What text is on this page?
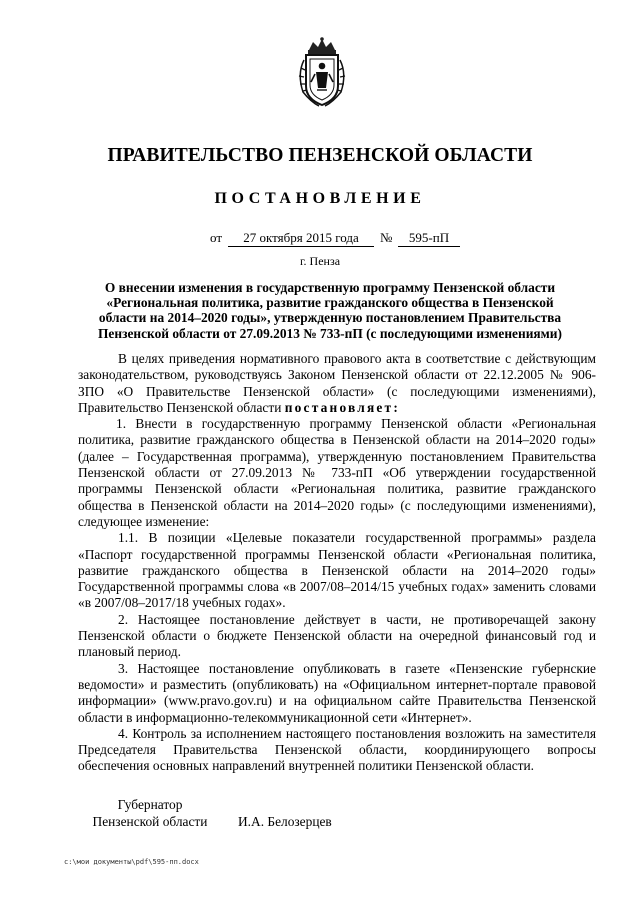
ПРАВИТЕЛЬСТВО ПЕНЗЕНСКОЙ ОБЛАСТИ
ПОСТАНОВЛЕНИЕ
от	27 октября 2015 года	№	595-пП
г. Пенза
О внесении изменения в государственную программу Пензенской области
«Региональная политика, развитие гражданского общества в Пензенской
области на 2014–2020 годы», утвержденную постановлением Правительства
Пензенской области от 27.09.2013 № 733-пП (с последующими изменениями)

В целях приведения нормативного правового акта в соответствие с действующим законодательством, руководствуясь Законом Пензенской области от 22.12.2005 № 906-ЗПО «О Правительстве Пензенской области» (с последующими изменениями), Правительство Пензенской области постановляет:

1. Внести в государственную программу Пензенской области «Региональная политика, развитие гражданского общества в Пензенской области на 2014–2020 годы» (далее – Государственная программа), утвержденную постановлением Правительства Пензенской области от 27.09.2013 № 733-пП «Об утверждении государственной программы Пензенской области «Региональная политика, развитие гражданского общества в Пензенской области на 2014–2020 годы» (с последующими изменениями), следующее изменение:

1.1. В позиции «Целевые показатели государственной программы» раздела «Паспорт государственной программы Пензенской области «Региональная политика, развитие гражданского общества в Пензенской области на 2014–2020 годы» Государственной программы слова «в 2007/08–2014/15 учебных годах» заменить словами «в 2007/08–2017/18 учебных годах».

2. Настоящее постановление действует в части, не противоречащей закону Пензенской области о бюджете Пензенской области на очередной финансовый год и плановый период.

3. Настоящее постановление опубликовать в газете «Пензенские губернские ведомости» и разместить (опубликовать) на «Официальном интернет-портале правовой информации» (www.pravo.gov.ru) и на официальном сайте Правительства Пензенской области в информационно-телекоммуникационной сети «Интернет».

4. Контроль за исполнением настоящего постановления возложить на заместителя Председателя Правительства Пензенской области, координирующего вопросы обеспечения основных направлений внутренней политики Пензенской области.

Губернатор
Пензенской области	И.А. Белозерцев
c:\мои документы\pdf\595-пп.docx
